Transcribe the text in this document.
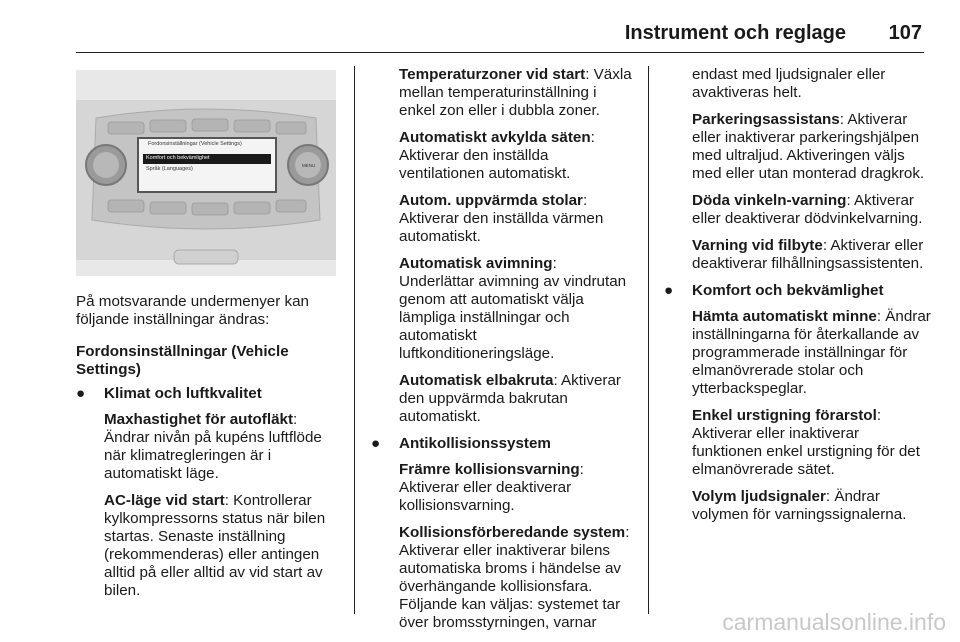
Instrument och reglage 107
Fordonsinställningar (Vehicle Settings)
Komfort och bekvämlighet
Språk (Languages)
MENU

På motsvarande undermenyer kan följande inställningar ändras:

Fordonsinställningar (Vehicle Settings)

● Klimat och luftkvalitet

Maxhastighet för autofläkt: Ändrar nivån på kupéns luftflöde när klimatregleringen är i automatiskt läge.

AC-läge vid start: Kontrollerar kylkompressorns status när bilen startas. Senaste inställning (rekommenderas) eller antingen alltid på eller alltid av vid start av bilen.

Temperaturzoner vid start: Växla mellan temperaturinställning i enkel zon eller i dubbla zoner.

Automatiskt avkylda säten: Aktiverar den inställda ventilationen automatiskt.

Autom. uppvärmda stolar: Aktiverar den inställda värmen automatiskt.

Automatisk avimning: Underlättar avimning av vindrutan genom att automatiskt välja lämpliga inställningar och automatiskt luftkonditioneringsläge.

Automatisk elbakruta: Aktiverar den uppvärmda bakrutan automatiskt.

● Antikollisionssystem

Främre kollisionsvarning: Aktiverar eller deaktiverar kollisionsvarning.

Kollisionsförberedande system: Aktiverar eller inaktiverar bilens automatiska broms i händelse av överhängande kollisionsfara. Följande kan väljas: systemet tar över bromsstyrningen, varnar

endast med ljudsignaler eller avaktiveras helt.

Parkeringsassistans: Aktiverar eller inaktiverar parkeringshjälpen med ultraljud. Aktiveringen väljs med eller utan monterad dragkrok.

Döda vinkeln-varning: Aktiverar eller deaktiverar dödvinkelvarning.

Varning vid filbyte: Aktiverar eller deaktiverar filhållningsassistenten.

● Komfort och bekvämlighet

Hämta automatiskt minne: Ändrar inställningarna för återkallande av programmerade inställningar för elmanövrerade stolar och ytterbackspeglar.

Enkel urstigning förarstol: Aktiverar eller inaktiverar funktionen enkel urstigning för det elmanövrerade sätet.

Volym ljudsignaler: Ändrar volymen för varningssignalerna.

carmanualsonline.info
